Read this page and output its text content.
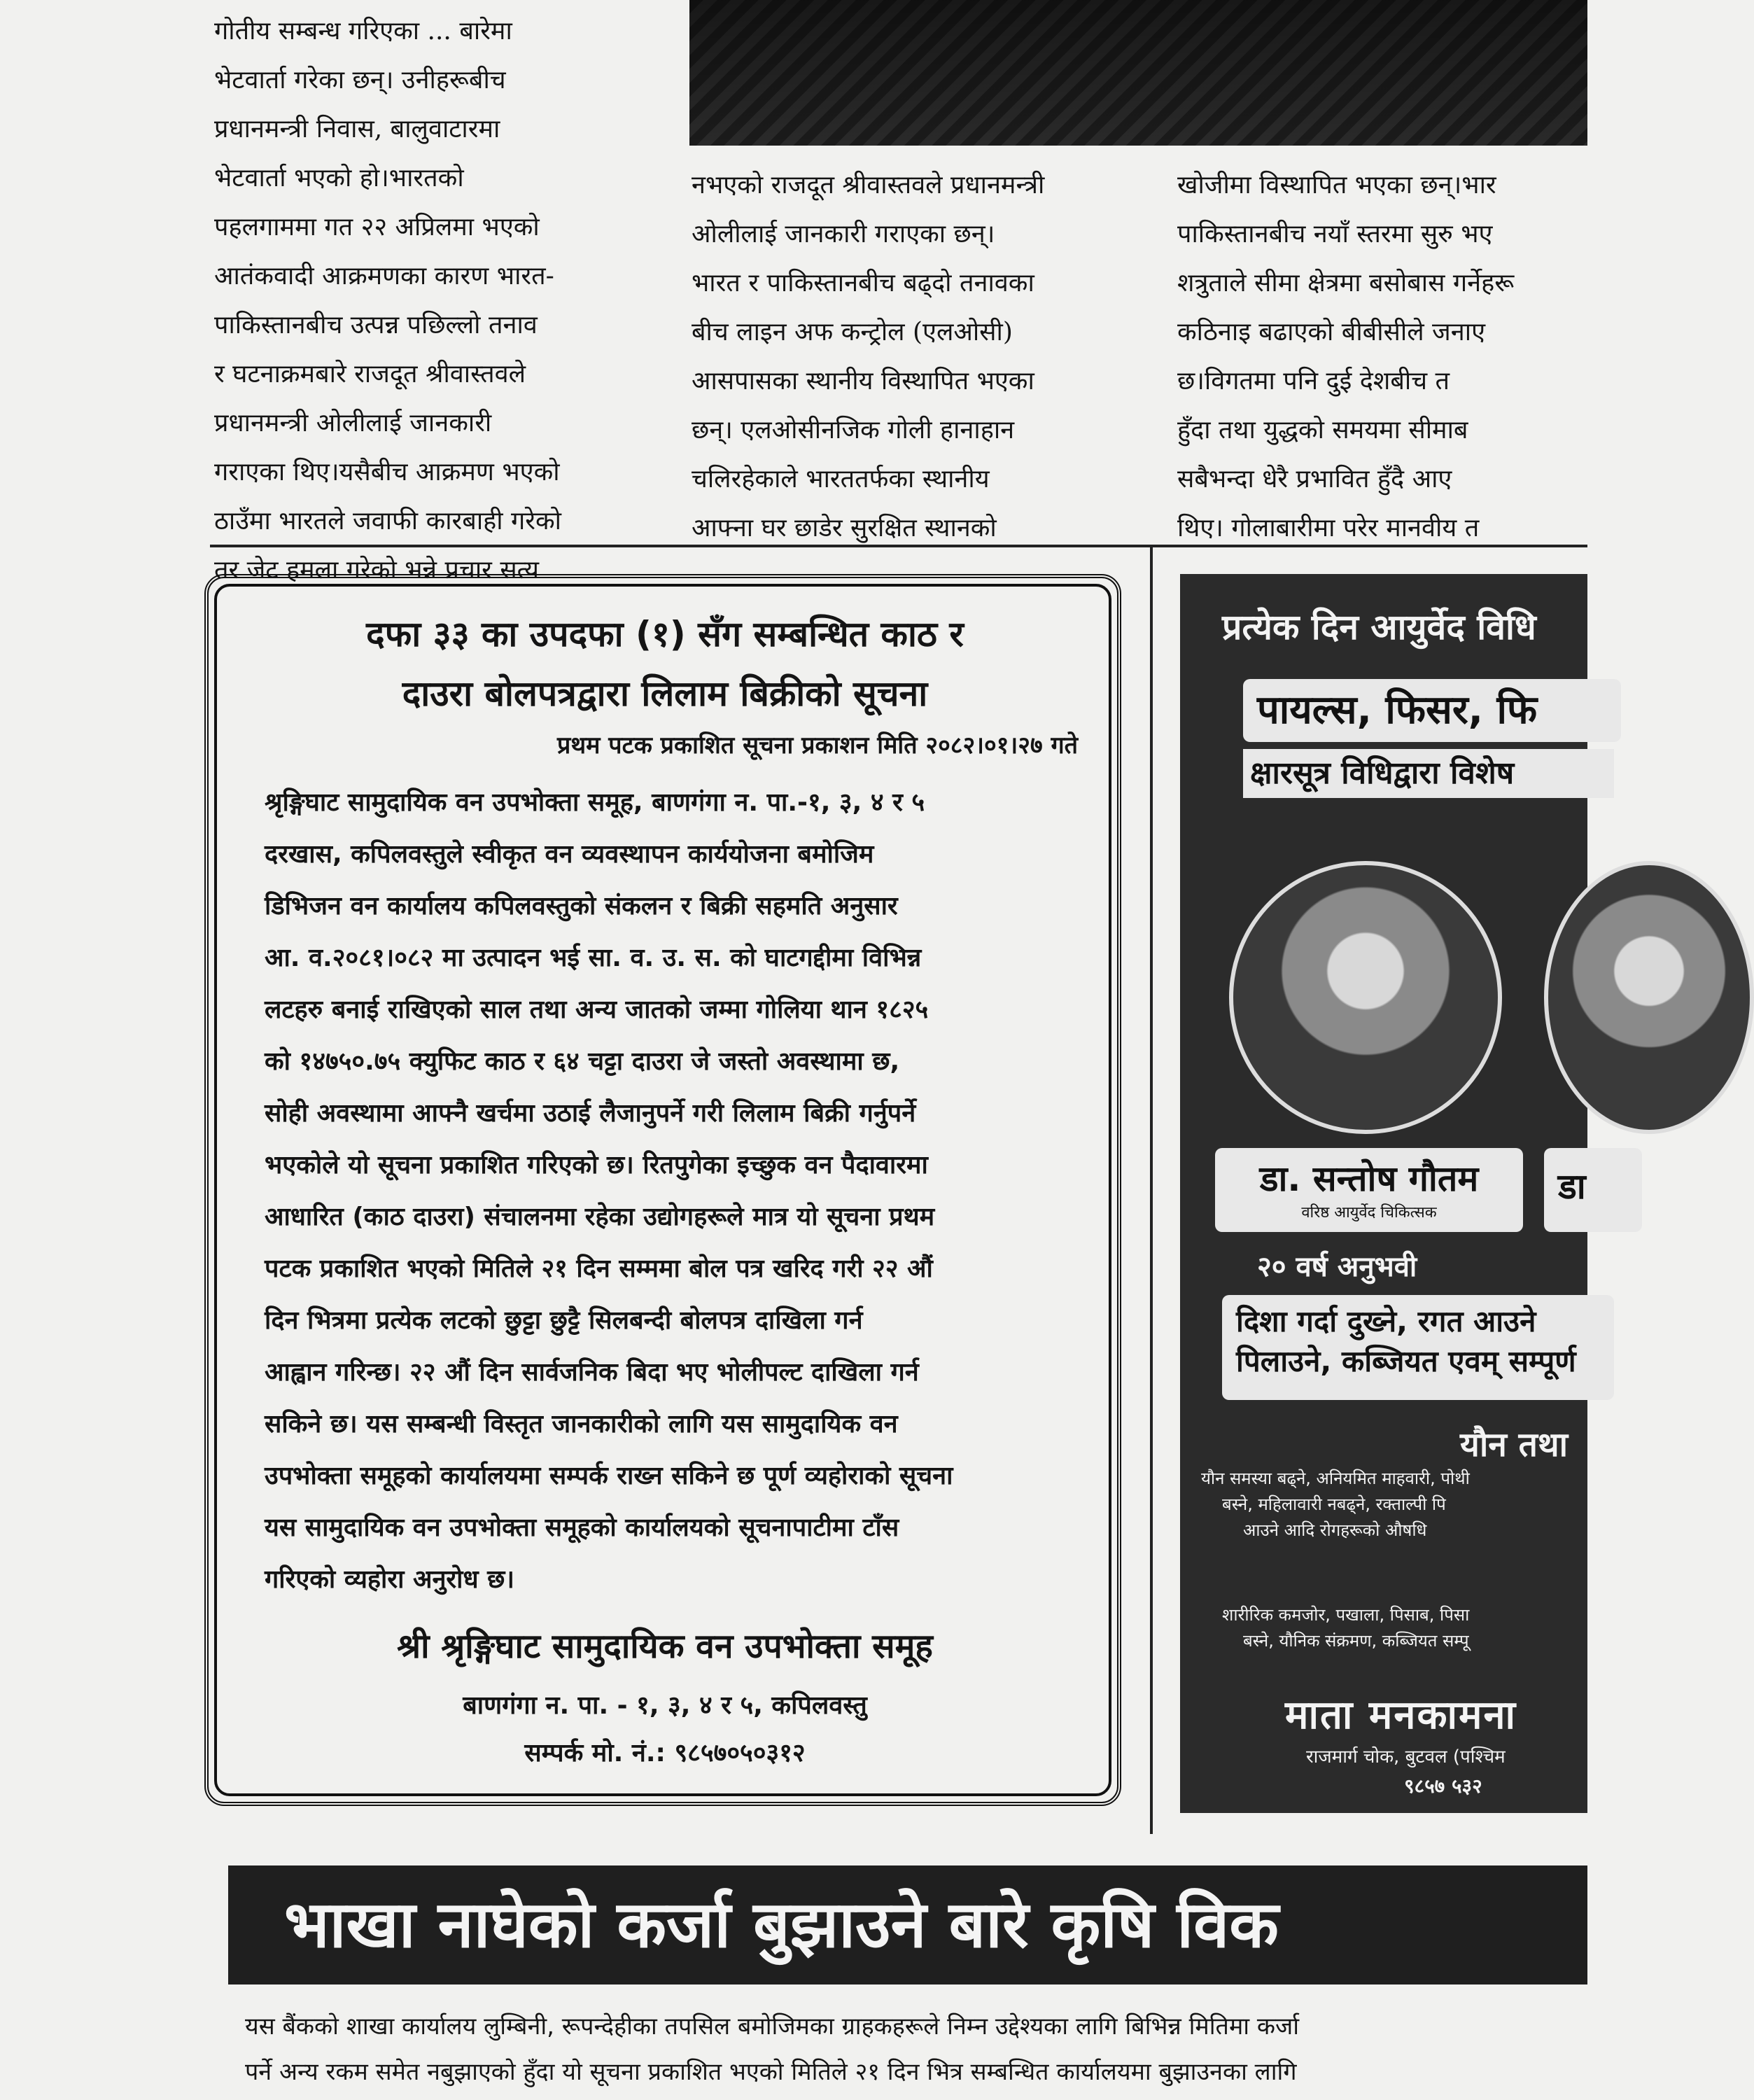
गोतीय सम्बन्ध गरिएका ... बारेमा
भेटवार्ता गरेका छन्। उनीहरूबीच
प्रधानमन्त्री निवास, बालुवाटारमा
भेटवार्ता भएको हो।भारतको
पहलगाममा गत २२ अप्रिलमा भएको
आतंकवादी आक्रमणका कारण भारत-
पाकिस्तानबीच उत्पन्न पछिल्लो तनाव
र घटनाक्रमबारे राजदूत श्रीवास्तवले
प्रधानमन्त्री ओलीलाई जानकारी
गराएका थिए।यसैबीच आक्रमण भएको
ठाउँमा भारतले जवाफी कारबाही गरेको
तर जेट हमला गरेको भन्ने प्रचार सत्य
नभएको राजदूत श्रीवास्तवले प्रधानमन्त्री
ओलीलाई जानकारी गराएका छन्।
भारत र पाकिस्तानबीच बढ्दो तनावका
बीच लाइन अफ कन्ट्रोल (एलओसी)
आसपासका स्थानीय विस्थापित भएका
छन्। एलओसीनजिक गोली हानाहान
चलिरहेकाले भारततर्फका स्थानीय
आफ्ना घर छाडेर सुरक्षित स्थानको
खोजीमा विस्थापित भएका छन्।भार
पाकिस्तानबीच नयाँ स्तरमा सुरु भए
शत्रुताले सीमा क्षेत्रमा बसोबास गर्नेहरू
कठिनाइ बढाएको बीबीसीले जनाए
छ।विगतमा पनि दुई देशबीच त
हुँदा तथा युद्धको समयमा सीमाब
सबैभन्दा धेरै प्रभावित हुँदै आए
थिए। गोलाबारीमा परेर मानवीय त
दफा ३३ का उपदफा (१) सँग सम्बन्धित काठ र
दाउरा बोलपत्रद्वारा लिलाम बिक्रीको सूचना
प्रथम पटक प्रकाशित सूचना प्रकाशन मिति २०८२।०१।२७ गते
श्रृङ्गिघाट सामुदायिक वन उपभोक्ता समूह, बाणगंगा न. पा.-१, ३, ४ र ५
दरखास, कपिलवस्तुले स्वीकृत वन व्यवस्थापन कार्ययोजना बमोजिम
डिभिजन वन कार्यालय कपिलवस्तुको संकलन र बिक्री सहमति अनुसार
आ. व.२०८१।०८२ मा उत्पादन भई सा. व. उ. स. को घाटगद्दीमा विभिन्न
लटहरु बनाई राखिएको साल तथा अन्य जातको जम्मा गोलिया थान १८२५
को १४७५०.७५ क्युफिट काठ र ६४ चट्टा दाउरा जे जस्तो अवस्थामा छ,
सोही अवस्थामा आफ्नै खर्चमा उठाई लैजानुपर्ने गरी लिलाम बिक्री गर्नुपर्ने
भएकोले यो सूचना प्रकाशित गरिएको छ। रितपुगेका इच्छुक वन पैदावारमा
आधारित (काठ दाउरा) संचालनमा रहेका उद्योगहरूले मात्र यो सूचना प्रथम
पटक प्रकाशित भएको मितिले २१ दिन सम्ममा बोल पत्र खरिद गरी २२ औं
दिन भित्रमा प्रत्येक लटको छुट्टा छुट्टै सिलबन्दी बोलपत्र दाखिला गर्न
आह्वान गरिन्छ। २२ औं दिन सार्वजनिक बिदा भए भोलीपल्ट दाखिला गर्न
सकिने छ। यस सम्बन्धी विस्तृत जानकारीको लागि यस सामुदायिक वन
उपभोक्ता समूहको कार्यालयमा सम्पर्क राख्न सकिने छ पूर्ण व्यहोराको सूचना
यस सामुदायिक वन उपभोक्ता समूहको कार्यालयको सूचनापाटीमा टाँस
गरिएको व्यहोरा अनुरोध छ।
श्री श्रृङ्गिघाट सामुदायिक वन उपभोक्ता समूह
बाणगंगा न. पा. - १, ३, ४ र ५, कपिलवस्तु
सम्पर्क मो. नं.: ९८५७०५०३१२
प्रत्येक दिन आयुर्वेद विधि
पायल्स, फिसर, फि
क्षारसूत्र विधिद्वारा विशेष
डा. सन्तोष गौतम
वरिष्ठ आयुर्वेद चिकित्सक
डा
२० वर्ष अनुभवी
दिशा गर्दा दुख्ने, रगत आउने
पिलाउने, कब्जियत एवम् सम्पूर्ण
यौन तथा
यौन समस्या बढ्ने, अनियमित माहवारी, पोथी
बस्ने, महिलावारी नबढ्ने, रक्ताल्पी पि
आउने आदि रोगहरूको औषधि
शारीरिक कमजोर, पखाला, पिसाब, पिसा
बस्ने, यौनिक संक्रमण, कब्जियत सम्पू
माता मनकामना
राजमार्ग चोक, बुटवल (पश्चिम
९८५७ ५३२
भाखा नाघेको कर्जा बुझाउने बारे कृषि विक
यस बैंकको शाखा कार्यालय लुम्बिनी, रूपन्देहीका तपसिल बमोजिमका ग्राहकहरूले निम्न उद्देश्यका लागि बिभिन्न मितिमा कर्जा
पर्ने अन्य रकम समेत नबुझाएको हुँदा यो सूचना प्रकाशित भएको मितिले २१ दिन भित्र सम्बन्धित कार्यालयमा बुझाउनका लागि
